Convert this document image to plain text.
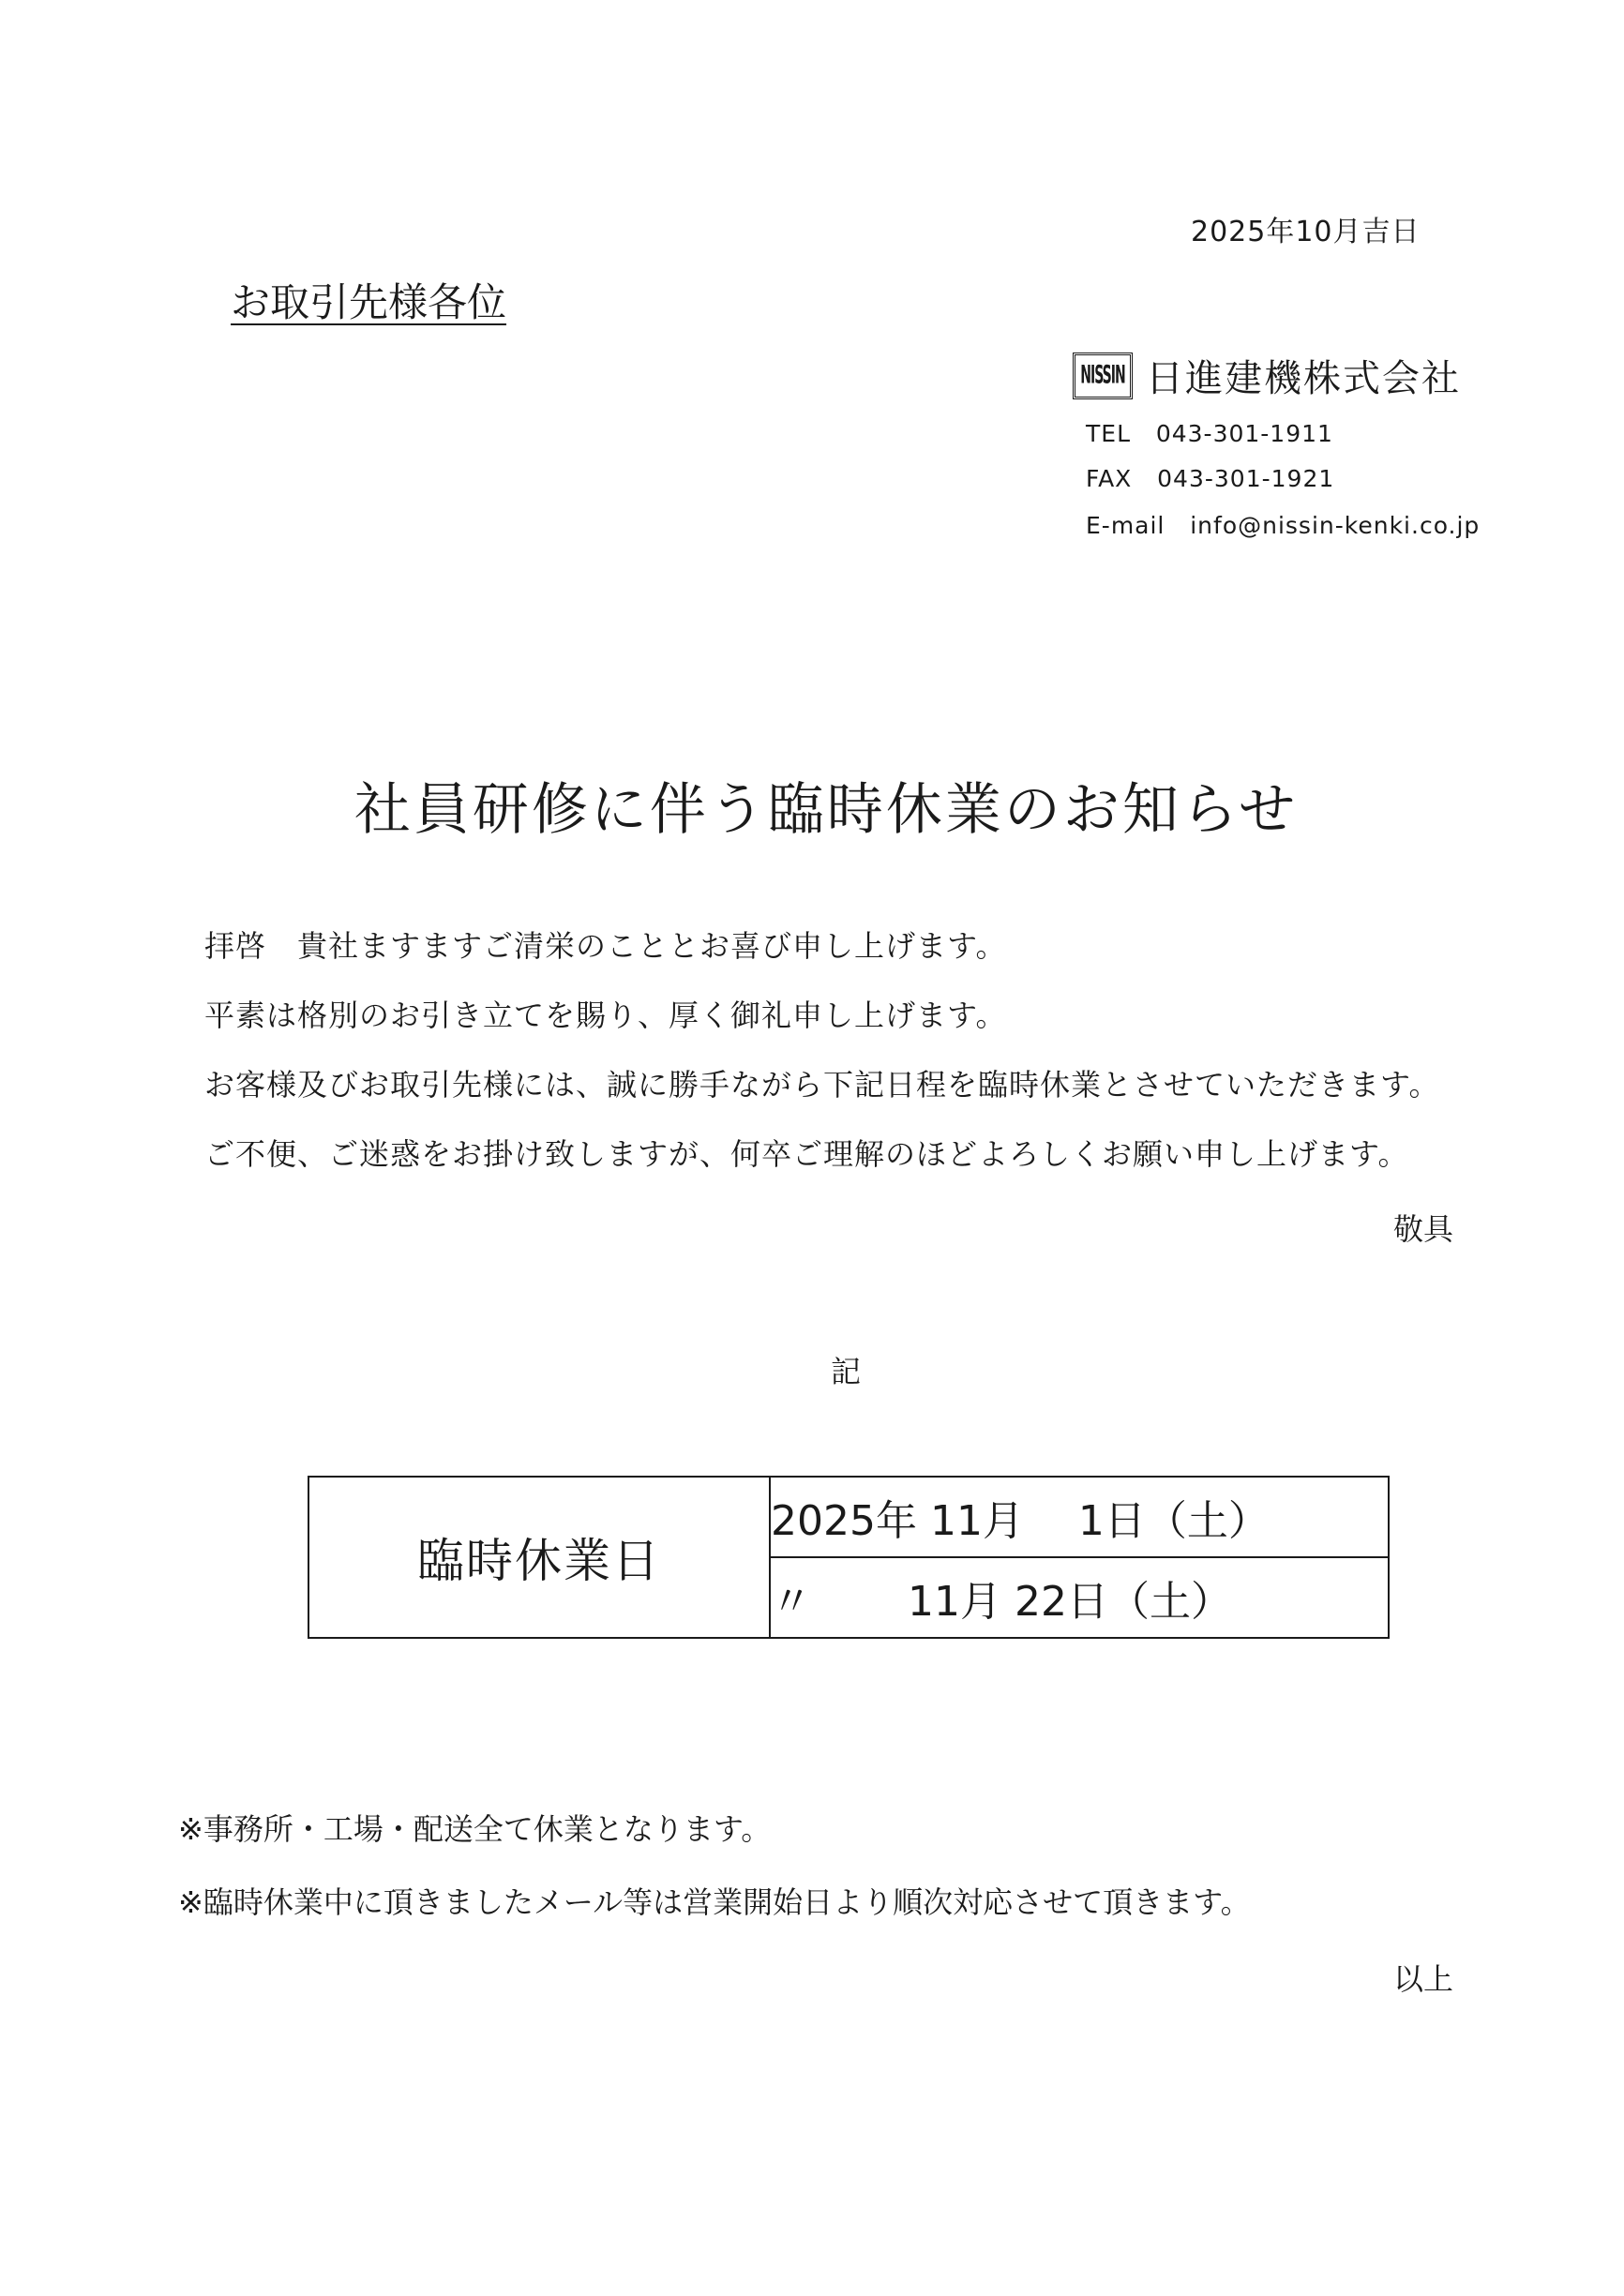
2025年10月吉日
お取引先様各位
NISSIN 日進建機株式会社
TEL   043-301-1911
FAX   043-301-1921
E-mail   info@nissin-kenki.co.jp
社員研修に伴う臨時休業のお知らせ
拝啓　貴社ますますご清栄のこととお喜び申し上げます。
平素は格別のお引き立てを賜り、厚く御礼申し上げます。
お客様及びお取引先様には、誠に勝手ながら下記日程を臨時休業とさせていただきます。
ご不便、ご迷惑をお掛け致しますが、何卒ご理解のほどよろしくお願い申し上げます。
敬具
記
臨時休業日	2025年 11月　 1日（土）
〃　　 11月 22日（土）
※事務所・工場・配送全て休業となります。
※臨時休業中に頂きましたメール等は営業開始日より順次対応させて頂きます。
以上
